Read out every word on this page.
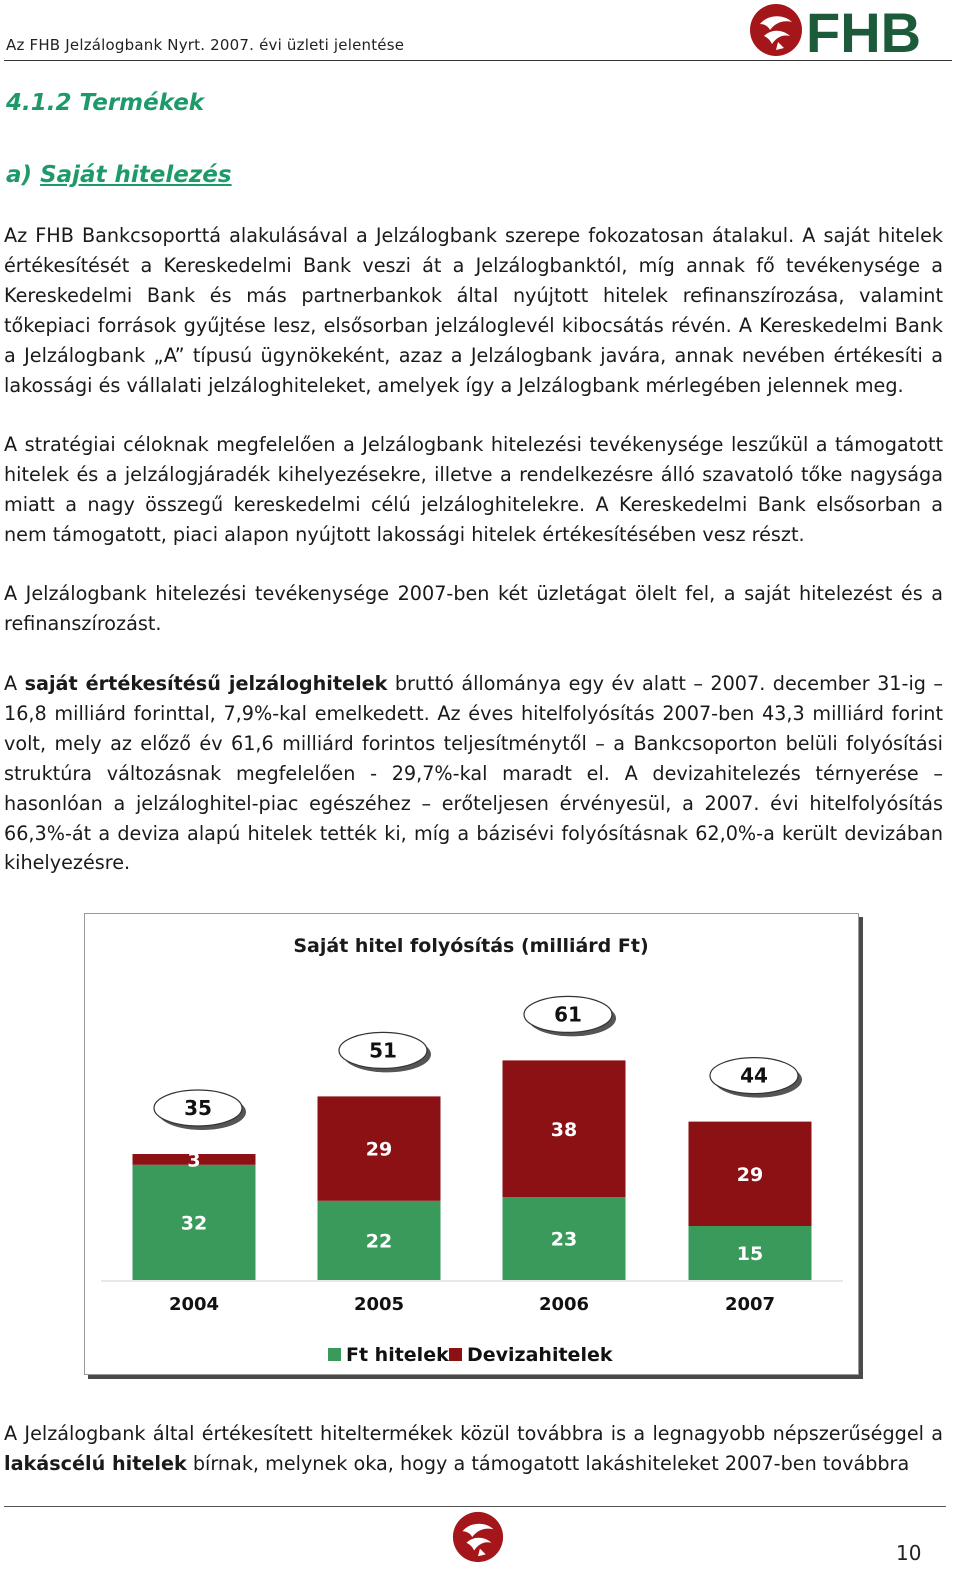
Az FHB Jelzálogbank Nyrt. 2007. évi üzleti jelentése	FHB
4.1.2 Termékek
a) Saját hitelezés
Az FHB Bankcsoporttá alakulásával a Jelzálogbank szerepe fokozatosan átalakul. A saját hitelek értékesítését a Kereskedelmi Bank veszi át a Jelzálogbanktól, míg annak fő tevékenysége a Kereskedelmi Bank és más partnerbankok által nyújtott hitelek refinanszírozása, valamint tőkepiaci források gyűjtése lesz, elsősorban jelzáloglevél kibocsátás révén. A Kereskedelmi Bank a Jelzálogbank „A” típusú ügynökeként, azaz a Jelzálogbank javára, annak nevében értékesíti a lakossági és vállalati jelzáloghiteleket, amelyek így a Jelzálogbank mérlegében jelennek meg.
A stratégiai céloknak megfelelően a Jelzálogbank hitelezési tevékenysége leszűkül a támogatott hitelek és a jelzálogjáradék kihelyezésekre, illetve a rendelkezésre álló szavatoló tőke nagysága miatt a nagy összegű kereskedelmi célú jelzáloghitelekre. A Kereskedelmi Bank elsősorban a nem támogatott, piaci alapon nyújtott lakossági hitelek értékesítésében vesz részt.
A Jelzálogbank hitelezési tevékenysége 2007-ben két üzletágat ölelt fel, a saját hitelezést és a refinanszírozást.
A saját értékesítésű jelzáloghitelek bruttó állománya egy év alatt – 2007. december 31-ig – 16,8 milliárd forinttal, 7,9%-kal emelkedett. Az éves hitelfolyósítás 2007-ben 43,3 milliárd forint volt, mely az előző év 61,6 milliárd forintos teljesítménytől – a Bankcsoporton belüli folyósítási struktúra változásnak megfelelően - 29,7%-kal maradt el. A devizahitelezés térnyerése – hasonlóan a jelzáloghitel-piac egészéhez – erőteljesen érvényesül, a 2007. évi hitelfolyósítás 66,3%-át a deviza alapú hitelek tették ki, míg a bázisévi folyósításnak 62,0%-a került devizában kihelyezésre.
Saját hitel folyósítás (milliárd Ft)
32
3
35
2004
22
29
51
2005
23
38
61
2006
15
29
44
2007
Ft hitelek Devizahitelek
A Jelzálogbank által értékesített hiteltermékek közül továbbra is a legnagyobb népszerűséggel a lakáscélú hitelek bírnak, melynek oka, hogy a támogatott lakáshiteleket 2007-ben továbbra
10
